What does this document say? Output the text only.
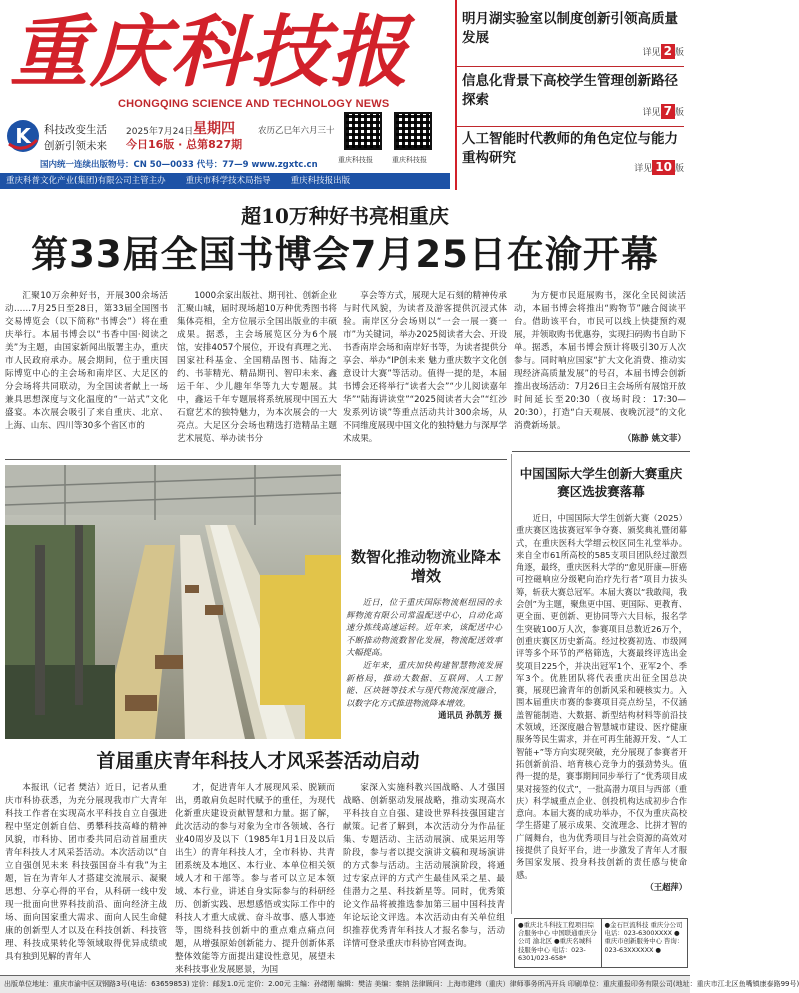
重庆科技报
CHONGQING SCIENCE AND TECHNOLOGY NEWS
K 科技改变生活
创新引领未来
2025年7月24日 星期四	农历乙巳年六月三十
今日16版 · 总第827期
国内统一连续出版物号：CN 50—0033 代号：77—9 www.zgxtc.cn	重庆科技报	重庆科技报
重庆科普文化产业(集团)有限公司主管主办 重庆市科学技术局指导 重庆科技报出版
明月湖实验室以制度创新引领高质量发展
详见 2 版
信息化背景下高校学生管理创新路径探索
详见 7 版
人工智能时代教师的角色定位与能力重构研究
详见 10 版
超10万种好书亮相重庆
第33届全国书博会7月25日在渝开幕

汇聚10万余种好书，开展300余场活动……7月25日至28日，第33届全国图书交易博览会（以下简称“书博会”）将在重庆举行。本届书博会以“书香中国·阅读之美”为主题，由国家新闻出版署主办，重庆市人民政府承办。展会期间，位于重庆国际博览中心的主会场和南岸区、大足区的分会场将共同联动，为全国读者献上一场兼具思想深度与文化温度的“一站式”文化盛宴。本次展会吸引了来自重庆、北京、上海、山东、四川等30多个省区市的

1000余家出版社、期刊社、创新企业汇聚山城，届时现场超10万种优秀图书将集体亮相，全方位展示全国出版业的丰硕成果。据悉，主会场展览区分为6个展馆，安排4057个展位，开设有真理之光、国家社科基金、全国精品图书、陆海之约、书菲精光、精品期刊、智印未来、鑫运千年、少儿趣年华等九大专题展。其中，鑫运千年专题展将系统展现中国五大石窟艺术的独特魅力，为本次展会的一大亮点。大足区分会场也精选打造精品主题艺术展览、举办读书分

享会等方式，展现大足石刻的精神传承与时代风貌，为读者及游客提供沉浸式体验。南岸区分会场则以“一会一展一赛一市”为关键词，举办2025阅读者大会、开设书香南岸会场和南岸好书等，为读者提供分享会、举办“IP创未来 魅力重庆数字文化创意设计大赛”等活动。值得一提的是，本届书博会还将举行“读者大会”“少儿阅读嘉年华”“陆海讲读堂”“2025阅读者大会”“红沙发系列访谈”等重点活动共计300余场，从不同维度展现中国文化的独特魅力与深厚学术成果。

为方便市民逛展购书，深化全民阅读活动，本届书博会将推出“购物节”融合阅读平台。借助该平台，市民可以线上快捷预约观展，并领取购书优惠券，实现扫码购书自助下单。据悉，本届书博会预计将吸引30万人次参与。同时响应国家“扩大文化消费、推动实现经济高质量发展”的号召，本届书博会创新推出夜场活动：7月26日主会场所有展馆开放时间延长至20:30（夜场时段：17:30—20:30），打造“白天观展、夜晚沉浸”的文化消费新场景。

（陈静 姚文菲）
数智化推动物流业降本增效

近日，位于重庆国际物流枢纽园的永辉物流有限公司常温配送中心，自动化高速分拣线高速运转。近年来，该配送中心不断推动物流数智化发展，物流配送效率大幅提高。

近年来，重庆加快构建智慧物流发展新格局，推动大数据、互联网、人工智能、区块链等技术与现代物流深度融合，以数字化方式推进物流降本增效。

通讯员 孙凯芳 摄
首届重庆青年科技人才风采荟活动启动

本报讯（记者 樊洁）近日，记者从重庆市科协获悉，为充分展现我市广大青年科技工作者在实现高水平科技自立自强进程中坚定创新自信、勇攀科技高峰的精神风貌，市科协、团市委共同启动首届重庆青年科技人才风采荟活动。本次活动以“自立自强创见未来 科技强国奋斗有我”为主题，旨在为青年人才搭建交流展示、凝聚思想、分享心得的平台，从科研一线中发现一批面向世界科技前沿、面向经济主战场、面向国家重大需求、面向人民生命健康的创新型人才以及在科技创新、科技管理、科技成果转化等领域取得优异成绩或具有独到见解的青年人

才，促进青年人才展现风采、脱颖而出，勇敢肩负起时代赋予的重任，为现代化新重庆建设贡献智慧和力量。据了解，此次活动的参与对象为全市各领域、各行业40周岁及以下（1985年1月1日及以后出生）的青年科技人才，全市科协、共青团系统及本地区、本行业、本单位相关领域人才和干部等。参与者可以立足本领域、本行业，讲述自身实际参与的科研经历、创新实践、思想感悟或实际工作中的科技人才重大成就、奋斗故事、感人事迹等，围绕科技创新中的重点难点痛点问题，从增强原始创新能力、提升创新体系整体效能等方面提出建设性意见，展望未来科技事业发展愿景，为国

家深入实施科教兴国战略、人才强国战略、创新驱动发展战略，推动实现高水平科技自立自强、建设世界科技强国建言献策。记者了解到，本次活动分为作品征集、专题活动、主活动展演、成果运用等阶段，参与者以提交演讲文稿和现场演讲的方式参与活动。主活动展演阶段，将通过专家点评的方式产生最佳风采之星、最佳潜力之星、科技新星等。同时，优秀策论文作品将被推选参加第三届中国科技青年论坛论文评选。本次活动由有关单位组织推荐优秀青年科技人才报名参与，活动详情可登录重庆市科协官网查询。

中国国际大学生创新大赛重庆赛区选拔赛落幕

近日，中国国际大学生创新大赛（2025）重庆赛区选拔赛冠军争夺赛、颁奖典礼暨闭幕式，在重庆医科大学缙云校区同生礼堂举办。来自全市61所高校的585支项目团队经过激烈角逐，最终，重庆医科大学的“愈见肝康—肝癌可控磁响应分级靶向治疗先行者”项目力拔头筹，斩获大赛总冠军。本届大赛以“我敢闯，我会创”为主题，聚焦更中国、更国际、更教育、更全面、更创新、更协同等六大目标，报名学生突破100万人次，参赛项目总数近26万个，创重庆赛区历史新高。经过校赛初选、市级网评等多个环节的严格筛选，大赛最终评选出金奖项目225个，并决出冠军1个、亚军2个、季军3个。优胜团队将代表重庆出征全国总决赛，展现巴渝青年的创新风采和硬核实力。入围本届重庆市赛的参赛项目亮点纷呈，不仅涵盖智能制造、大数据、新型结构材料等前沿技术领域，还深度融合智慧城市建设、医疗健康服务等民生需求，并在可再生能源开发、“人工智能+”等方向实现突破，充分展现了参赛者开拓创新前沿、培育核心竞争力的强劲势头。值得一提的是，赛事期间同步举行了“优秀项目成果对接签约仪式”，一批高潜力项目与西部（重庆）科学城重点企业、创投机构达成初步合作意向。本届大赛的成功举办，不仅为重庆高校学生搭建了展示成果、交流理念、比拼才智的广阔舞台，也为优秀项目与社会资源的高效对接提供了良好平台，进一步激发了青年人才服务国家发展、投身科技创新的责任感与使命感。

（王超萍）
●重庆北斗科技工程项目综合服务中心 中国联通重庆分公司 渝北区 ●重庆名城科技服务中心 电话：023-6301/023-658*
●金石巨流科技 重庆分公司 电话：023-6300XXXX ●重庆市创新服务中心 咨询：023-63XXXXXX ●
出版单位地址：重庆市渝中区双钢路3号(电话：63659853) 定价：邮发1.0元 定价：2.00元 主编：孙绪刚 编辑：樊洁 美编：秦纳 法律顾问：上海市建纬（重庆）律师事务所冯开兵 印刷单位：重庆重报印务有限公司(地址：重庆市江北区鱼嘴镇康泰路99号)
